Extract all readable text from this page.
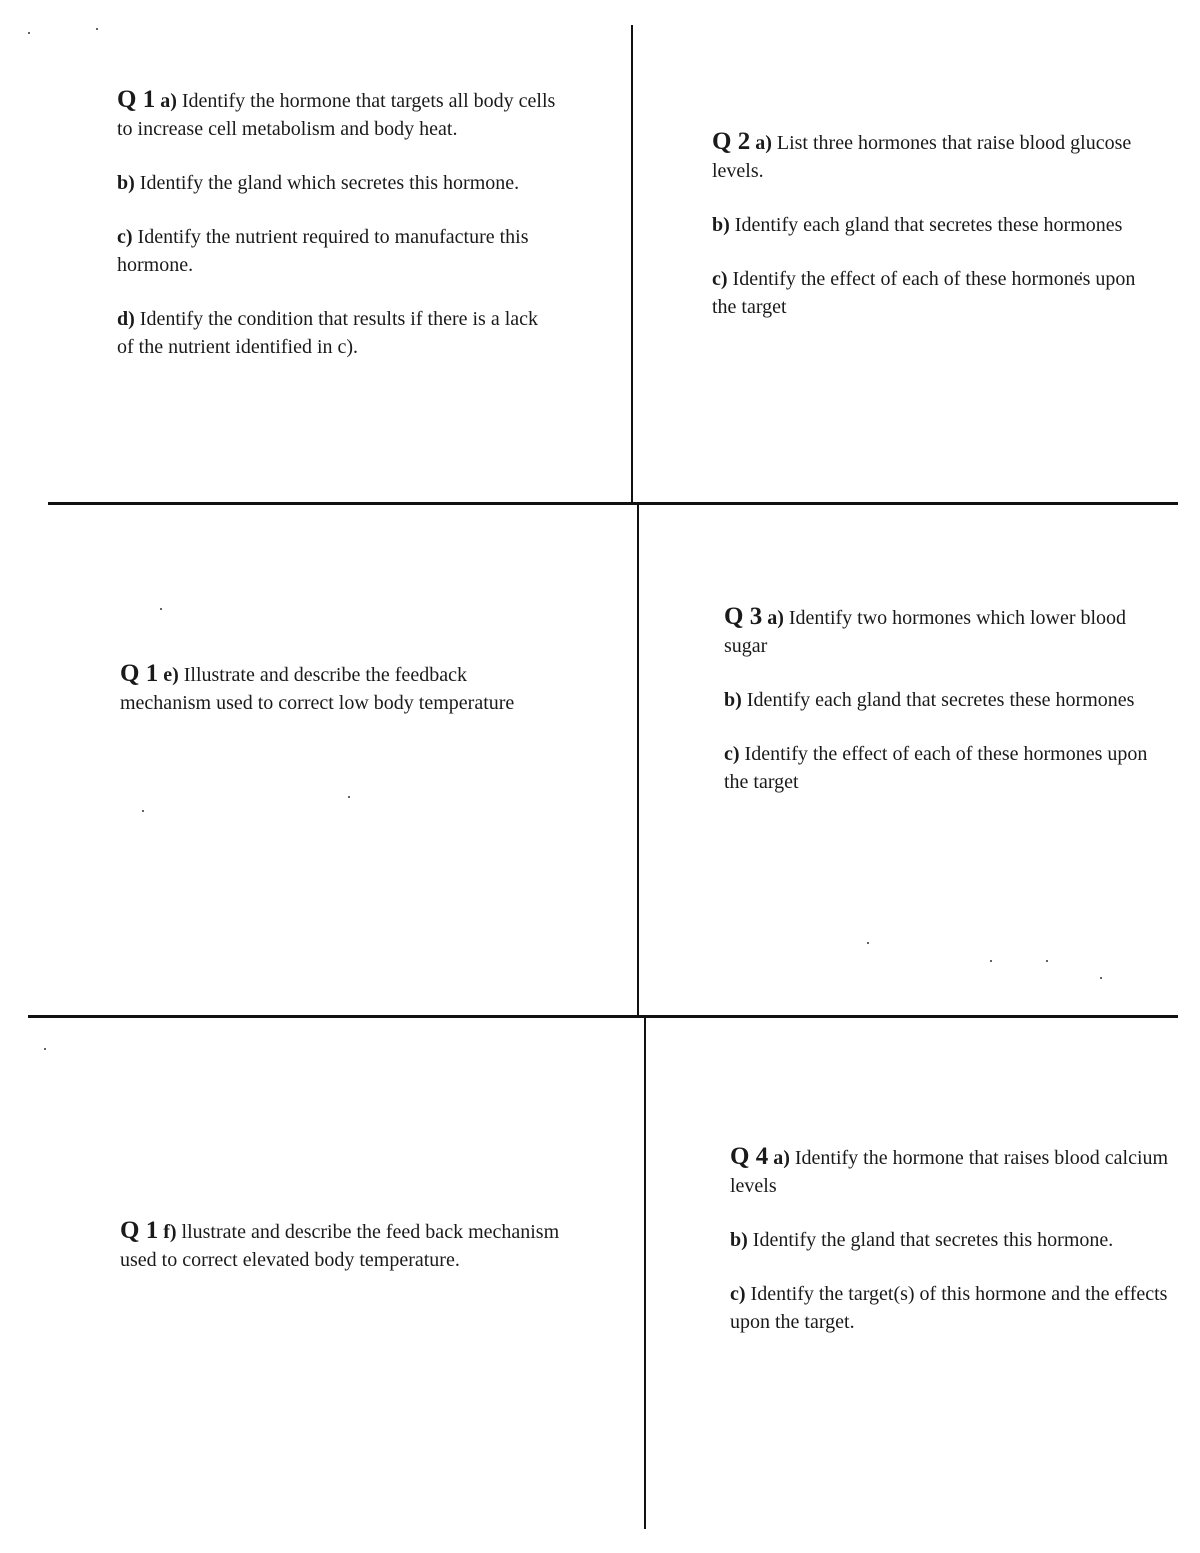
Q 1 a) Identify the hormone that targets all body cells to increase cell metabolism and body heat.

b) Identify the gland which secretes this hormone.

c) Identify the nutrient required to manufacture this hormone.

d) Identify the condition that results if there is a lack of the nutrient identified in c).

Q 2 a) List three hormones that raise blood glucose levels.

b) Identify each gland that secretes these hormones

c) Identify the effect of each of these hormones upon the target

Q 1 e) Illustrate and describe the feedback mechanism used to correct low body temperature

Q 3 a) Identify two hormones which lower blood sugar

b) Identify each gland that secretes these hormones

c) Identify the effect of each of these hormones upon the target

Q 1 f) llustrate and describe the feed back mechanism used to correct elevated body temperature.

Q 4 a) Identify the hormone that raises blood calcium levels

b) Identify the gland that secretes this hormone.

c) Identify the target(s) of this hormone and the effects upon the target.
